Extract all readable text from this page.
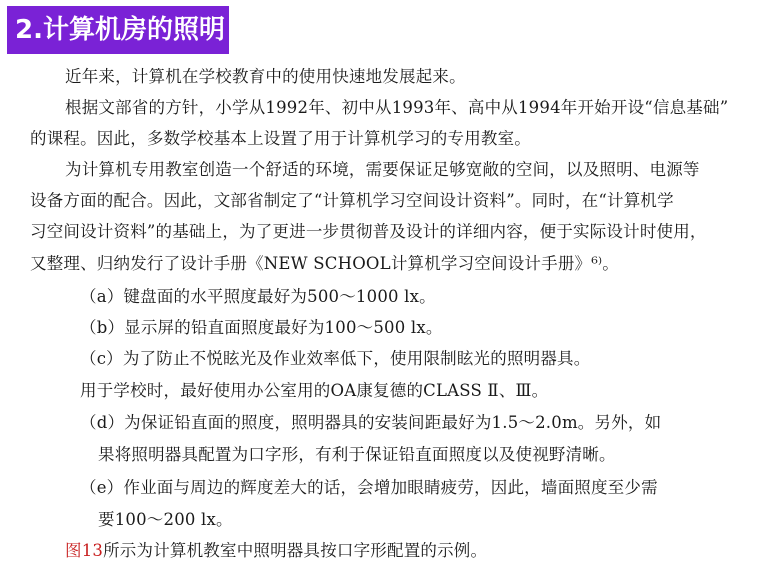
2.计算机房的照明
近年来，计算机在学校教育中的使用快速地发展起来。
根据文部省的方针，小学从1992年、初中从1993年、高中从1994年开始开设“信息基础”
的课程。因此，多数学校基本上设置了用于计算机学习的专用教室。
为计算机专用教室创造一个舒适的环境，需要保证足够宽敞的空间，以及照明、电源等
设备方面的配合。因此，文部省制定了“计算机学习空间设计资料”。同时，在“计算机学
习空间设计资料”的基础上，为了更进一步贯彻普及设计的详细内容，便于实际设计时使用，
又整理、归纳发行了设计手册《NEW SCHOOL计算机学习空间设计手册》⁶⁾。
（a）键盘面的水平照度最好为500～1000 lx。
（b）显示屏的铅直面照度最好为100～500 lx。
（c）为了防止不悦眩光及作业效率低下，使用限制眩光的照明器具。
用于学校时，最好使用办公室用的OA康复德的CLASS Ⅱ、Ⅲ。
（d）为保证铅直面的照度，照明器具的安装间距最好为1.5～2.0m。另外，如
果将照明器具配置为口字形，有利于保证铅直面照度以及使视野清晰。
（e）作业面与周边的辉度差大的话，会增加眼睛疲劳，因此，墙面照度至少需
要100～200 lx。
图13所示为计算机教室中照明器具按口字形配置的示例。
